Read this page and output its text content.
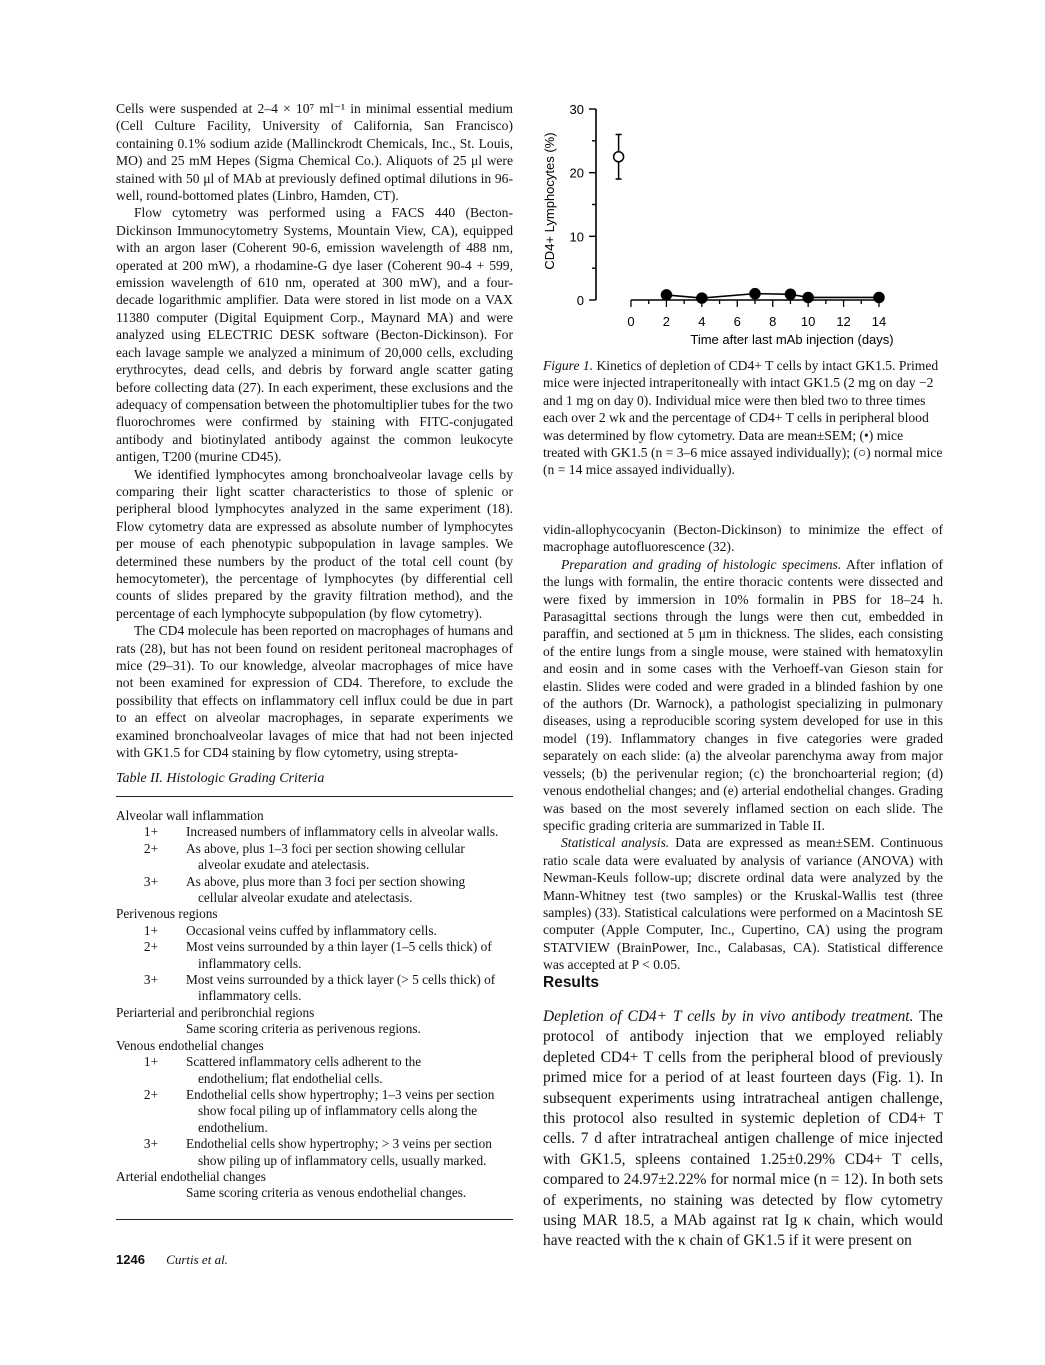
Cells were suspended at 2–4 × 10⁷ ml⁻¹ in minimal essential medium (Cell Culture Facility, University of California, San Francisco) containing 0.1% sodium azide (Mallinckrodt Chemicals, Inc., St. Louis, MO) and 25 mM Hepes (Sigma Chemical Co.). Aliquots of 25 μl were stained with 50 μl of MAb at previously defined optimal dilutions in 96-well, round-bottomed plates (Linbro, Hamden, CT).

Flow cytometry was performed using a FACS 440 (Becton-Dickinson Immunocytometry Systems, Mountain View, CA), equipped with an argon laser (Coherent 90-6, emission wavelength of 488 nm, operated at 200 mW), a rhodamine-G dye laser (Coherent 90-4 + 599, emission wavelength of 610 nm, operated at 300 mW), and a four-decade logarithmic amplifier. Data were stored in list mode on a VAX 11380 computer (Digital Equipment Corp., Maynard MA) and were analyzed using ELECTRIC DESK software (Becton-Dickinson). For each lavage sample we analyzed a minimum of 20,000 cells, excluding erythrocytes, dead cells, and debris by forward angle scatter gating before collecting data (27). In each experiment, these exclusions and the adequacy of compensation between the photomultiplier tubes for the two fluorochromes were confirmed by staining with FITC-conjugated antibody and biotinylated antibody against the common leukocyte antigen, T200 (murine CD45).

We identified lymphocytes among bronchoalveolar lavage cells by comparing their light scatter characteristics to those of splenic or peripheral blood lymphocytes analyzed in the same experiment (18). Flow cytometry data are expressed as absolute number of lymphocytes per mouse of each phenotypic subpopulation in lavage samples. We determined these numbers by the product of the total cell count (by hemocytometer), the percentage of lymphocytes (by differential cell counts of slides prepared by the gravity filtration method), and the percentage of each lymphocyte subpopulation (by flow cytometry).

The CD4 molecule has been reported on macrophages of humans and rats (28), but has not been found on resident peritoneal macrophages of mice (29–31). To our knowledge, alveolar macrophages of mice have not been examined for expression of CD4. Therefore, to exclude the possibility that effects on inflammatory cell influx could be due in part to an effect on alveolar macrophages, in separate experiments we examined bronchoalveolar lavages of mice that had not been injected with GK1.5 for CD4 staining by flow cytometry, using strepta-

Table II. Histologic Grading Criteria
Alveolar wall inflammation
1+	Increased numbers of inflammatory cells in alveolar walls.
2+	As above, plus 1–3 foci per section showing cellular
alveolar exudate and atelectasis.
3+	As above, plus more than 3 foci per section showing
cellular alveolar exudate and atelectasis.
Perivenous regions
1+	Occasional veins cuffed by inflammatory cells.
2+	Most veins surrounded by a thin layer (1–5 cells thick) of
inflammatory cells.
3+	Most veins surrounded by a thick layer (> 5 cells thick) of
inflammatory cells.
Periarterial and peribronchial regions
Same scoring criteria as perivenous regions.
Venous endothelial changes
1+	Scattered inflammatory cells adherent to the
endothelium; flat endothelial cells.
2+	Endothelial cells show hypertrophy; 1–3 veins per section
show focal piling up of inflammatory cells along the
endothelium.
3+	Endothelial cells show hypertrophy; > 3 veins per section
show piling up of inflammatory cells, usually marked.
Arterial endothelial changes
Same scoring criteria as venous endothelial changes.
CD4+ Lymphocytes (%)
Time after last mAb injection (days)
0
10
20
30
0 2 4 6 8 10 12 14
Figure 1. Kinetics of depletion of CD4+ T cells by intact GK1.5. Primed mice were injected intraperitoneally with intact GK1.5 (2 mg on day −2 and 1 mg on day 0). Individual mice were then bled two to three times each over 2 wk and the percentage of CD4+ T cells in peripheral blood was determined by flow cytometry. Data are mean±SEM; (•) mice treated with GK1.5 (n = 3–6 mice assayed individually); (○) normal mice (n = 14 mice assayed individually).

vidin-allophycocyanin (Becton-Dickinson) to minimize the effect of macrophage autofluorescence (32).

Preparation and grading of histologic specimens. After inflation of the lungs with formalin, the entire thoracic contents were dissected and were fixed by immersion in 10% formalin in PBS for 18–24 h. Parasagittal sections through the lungs were then cut, embedded in paraffin, and sectioned at 5 μm in thickness. The slides, each consisting of the entire lungs from a single mouse, were stained with hematoxylin and eosin and in some cases with the Verhoeff-van Gieson stain for elastin. Slides were coded and were graded in a blinded fashion by one of the authors (Dr. Warnock), a pathologist specializing in pulmonary diseases, using a reproducible scoring system developed for use in this model (19). Inflammatory changes in five categories were graded separately on each slide: (a) the alveolar parenchyma away from major vessels; (b) the perivenular region; (c) the bronchoarterial region; (d) venous endothelial changes; and (e) arterial endothelial changes. Grading was based on the most severely inflamed section on each slide. The specific grading criteria are summarized in Table II.

Statistical analysis. Data are expressed as mean±SEM. Continuous ratio scale data were evaluated by analysis of variance (ANOVA) with Newman-Keuls follow-up; discrete ordinal data were analyzed by the Mann-Whitney test (two samples) or the Kruskal-Wallis test (three samples) (33). Statistical calculations were performed on a Macintosh SE computer (Apple Computer, Inc., Cupertino, CA) using the program STATVIEW (BrainPower, Inc., Calabasas, CA). Statistical difference was accepted at P < 0.05.

Results

Depletion of CD4+ T cells by in vivo antibody treatment. The protocol of antibody injection that we employed reliably depleted CD4+ T cells from the peripheral blood of previously primed mice for a period of at least fourteen days (Fig. 1). In subsequent experiments using intratracheal antigen challenge, this protocol also resulted in systemic depletion of CD4+ T cells. 7 d after intratracheal antigen challenge of mice injected with GK1.5, spleens contained 1.25±0.29% CD4+ T cells, compared to 24.97±2.22% for normal mice (n = 12). In both sets of experiments, no staining was detected by flow cytometry using MAR 18.5, a MAb against rat Ig κ chain, which would have reacted with the κ chain of GK1.5 if it were present on

1246 Curtis et al.
